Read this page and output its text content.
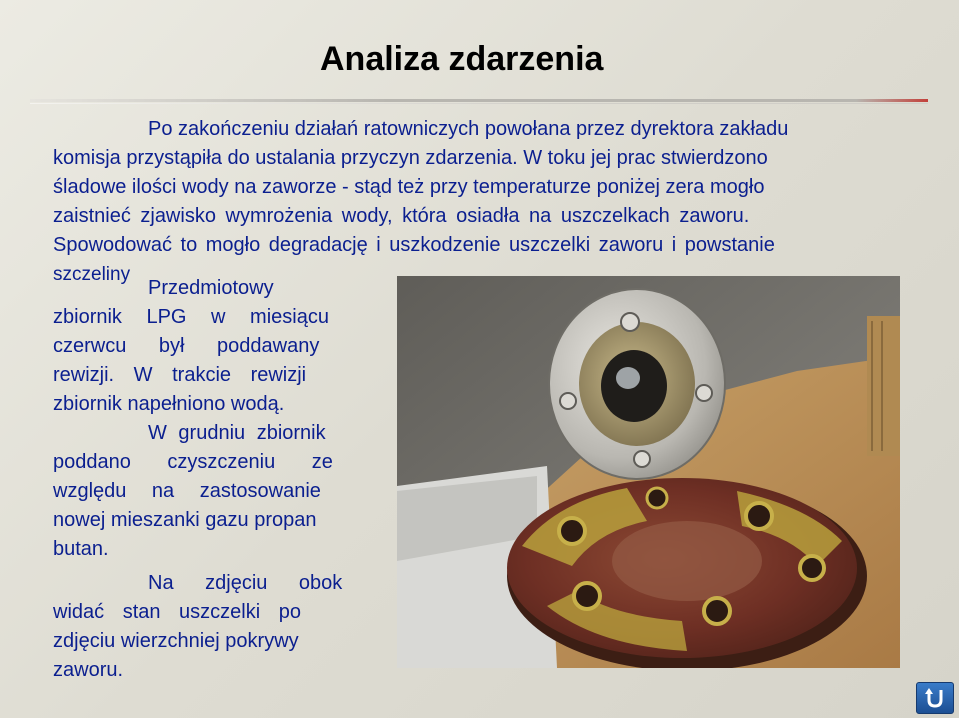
Analiza zdarzenia
Po zakończeniu działań ratowniczych powołana przez dyrektora zakładu
komisja przystąpiła do ustalania przyczyn zdarzenia. W toku jej prac stwierdzono
śladowe ilości wody na zaworze - stąd też przy temperaturze poniżej zera mogło
zaistnieć zjawisko wymrożenia wody, która osiadła na uszczelkach zaworu.
Spowodować to mogło degradację i uszkodzenie uszczelki zaworu i powstanie
szczeliny
Przedmiotowy
zbiornik LPG w miesiącu
czerwcu był poddawany
rewizji. W trakcie rewizji
zbiornik napełniono wodą.
W grudniu zbiornik
poddano czyszczeniu ze
względu na zastosowanie
nowej mieszanki gazu propan
butan.
Na zdjęciu obok
widać stan uszczelki po
zdjęciu wierzchniej pokrywy
zaworu.
